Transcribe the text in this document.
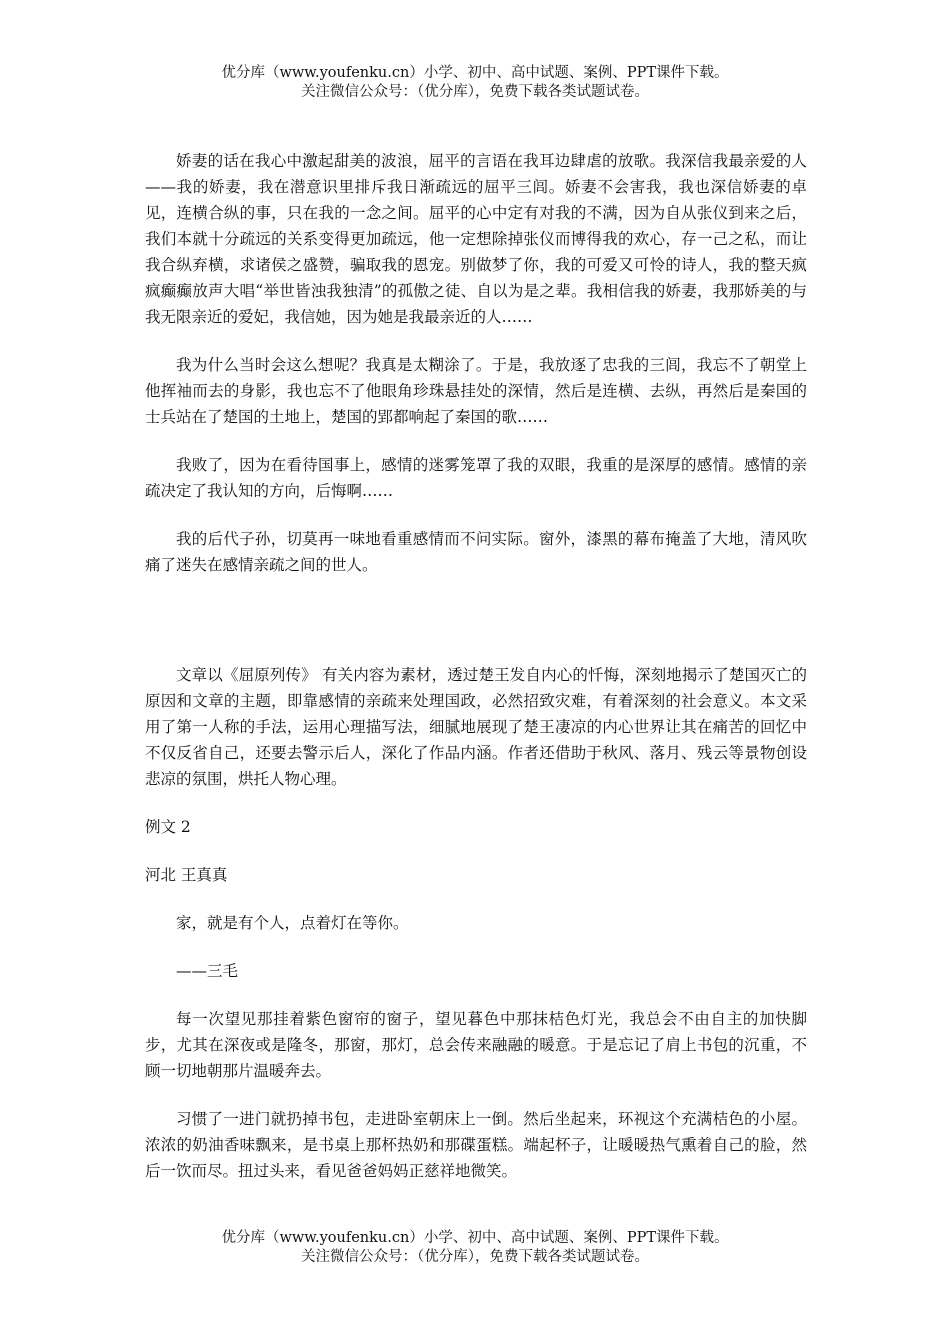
优分库（www.youfenku.cn）小学、初中、高中试题、案例、PPT课件下载。
关注微信公众号：（优分库），免费下载各类试题试卷。

娇妻的话在我心中激起甜美的波浪，屈平的言语在我耳边肆虐的放歌。我深信我最亲爱的人——我的娇妻，我在潜意识里排斥我日渐疏远的屈平三闾。娇妻不会害我，我也深信娇妻的卓见，连横合纵的事，只在我的一念之间。屈平的心中定有对我的不满，因为自从张仪到来之后，我们本就十分疏远的关系变得更加疏远，他一定想除掉张仪而博得我的欢心，存一己之私，而让我合纵弃横，求诸侯之盛赞，骗取我的恩宠。别做梦了你，我的可爱又可怜的诗人，我的整天疯疯癫癫放声大唱“举世皆浊我独清”的孤傲之徒、自以为是之辈。我相信我的娇妻，我那娇美的与我无限亲近的爱妃，我信她，因为她是我最亲近的人……

我为什么当时会这么想呢？我真是太糊涂了。于是，我放逐了忠我的三闾，我忘不了朝堂上他挥袖而去的身影，我也忘不了他眼角珍珠悬挂处的深情，然后是连横、去纵，再然后是秦国的士兵站在了楚国的土地上，楚国的郢都响起了秦国的歌……

我败了，因为在看待国事上，感情的迷雾笼罩了我的双眼，我重的是深厚的感情。感情的亲疏决定了我认知的方向，后悔啊……

我的后代子孙，切莫再一味地看重感情而不问实际。窗外，漆黑的幕布掩盖了大地，清风吹痛了迷失在感情亲疏之间的世人。

文章以《屈原列传》 有关内容为素材，透过楚王发自内心的忏悔，深刻地揭示了楚国灭亡的原因和文章的主题，即靠感情的亲疏来处理国政，必然招致灾难，有着深刻的社会意义。本文采用了第一人称的手法，运用心理描写法，细腻地展现了楚王凄凉的内心世界让其在痛苦的回忆中不仅反省自己，还要去警示后人，深化了作品内涵。作者还借助于秋风、落月、残云等景物创设悲凉的氛围，烘托人物心理。

例文 2

河北 王真真

家，就是有个人，点着灯在等你。

——三毛

每一次望见那挂着紫色窗帘的窗子，望见暮色中那抹桔色灯光，我总会不由自主的加快脚步，尤其在深夜或是隆冬，那窗，那灯，总会传来融融的暖意。于是忘记了肩上书包的沉重，不顾一切地朝那片温暖奔去。

习惯了一进门就扔掉书包，走进卧室朝床上一倒。然后坐起来，环视这个充满桔色的小屋。浓浓的奶油香味飘来，是书桌上那杯热奶和那碟蛋糕。端起杯子，让暖暖热气熏着自己的脸，然后一饮而尽。扭过头来，看见爸爸妈妈正慈祥地微笑。

优分库（www.youfenku.cn）小学、初中、高中试题、案例、PPT课件下载。
关注微信公众号：（优分库），免费下载各类试题试卷。
